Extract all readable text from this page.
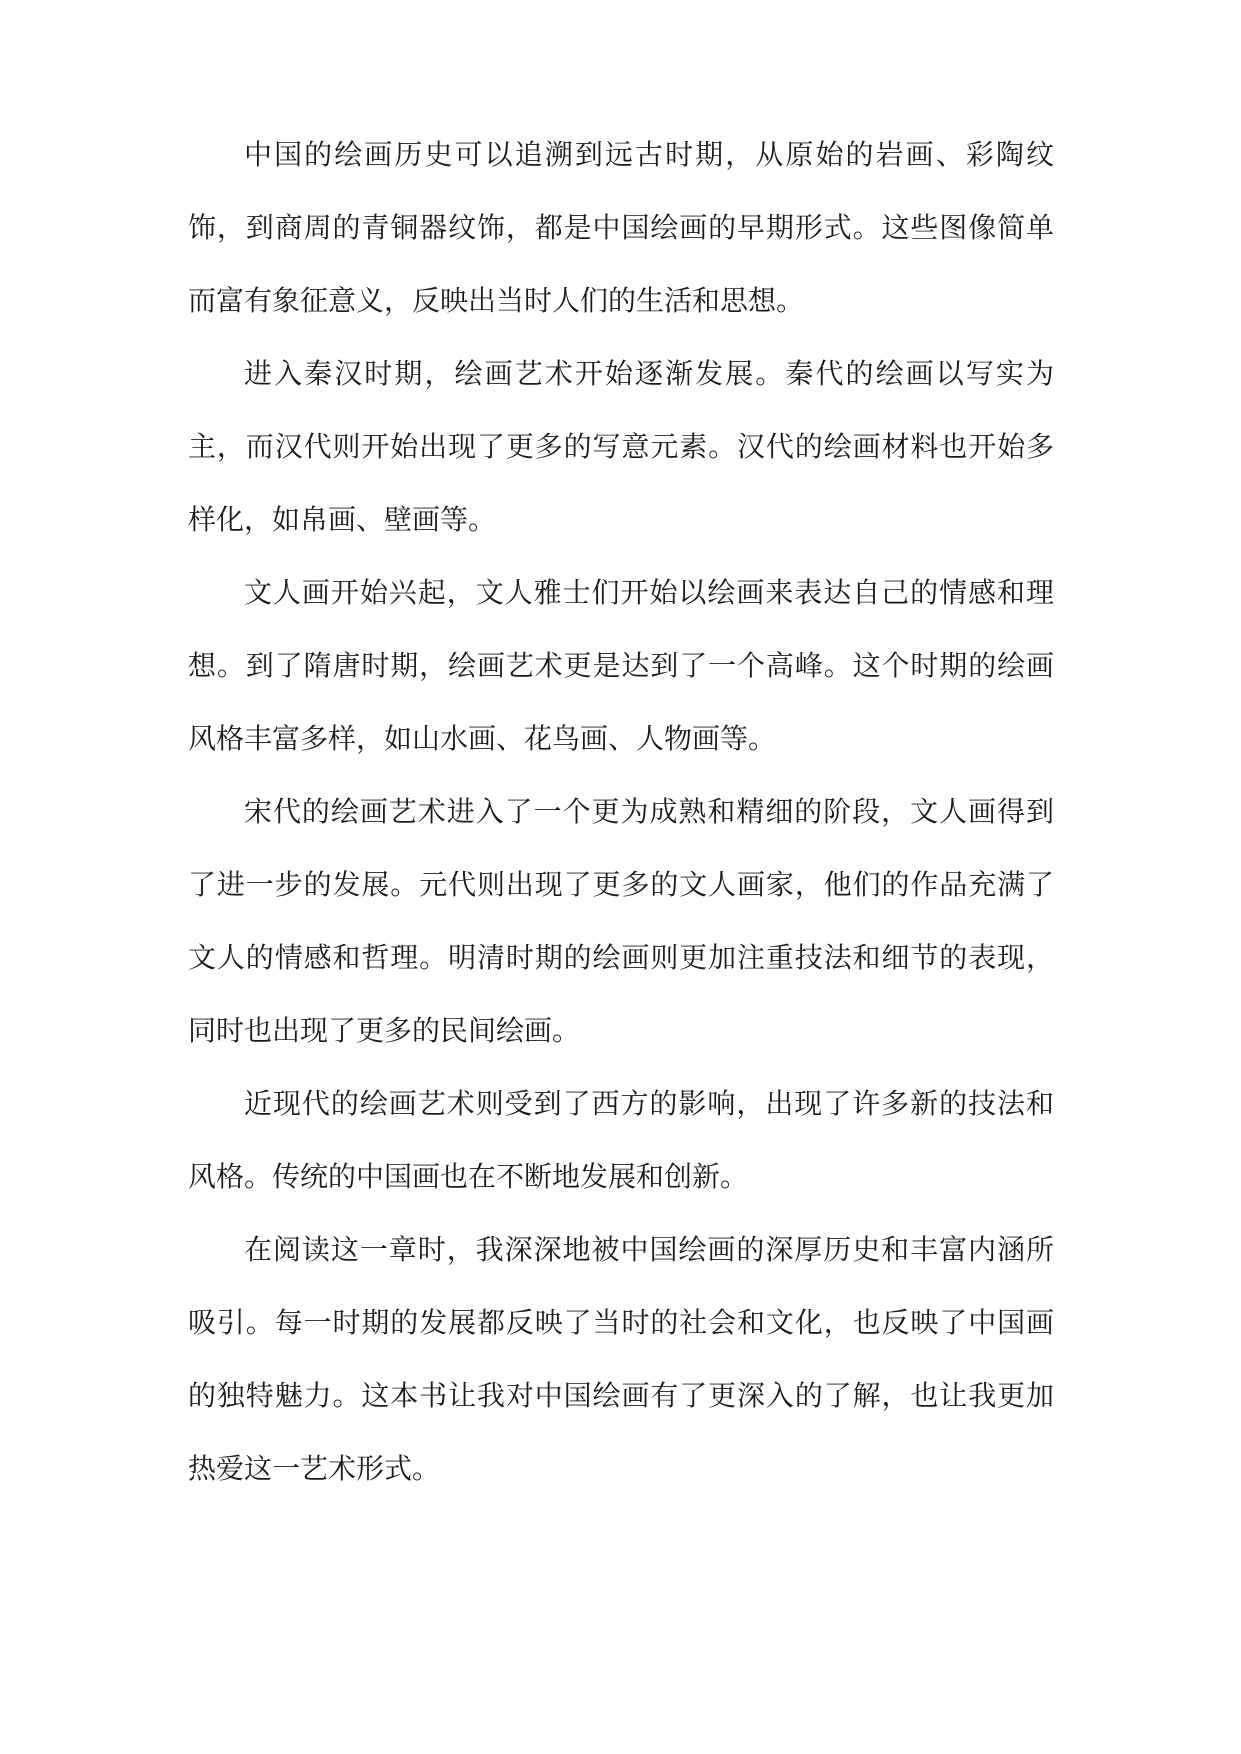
中国的绘画历史可以追溯到远古时期，从原始的岩画、彩陶纹饰，到商周的青铜器纹饰，都是中国绘画的早期形式。这些图像简单而富有象征意义，反映出当时人们的生活和思想。

进入秦汉时期，绘画艺术开始逐渐发展。秦代的绘画以写实为主，而汉代则开始出现了更多的写意元素。汉代的绘画材料也开始多样化，如帛画、壁画等。

文人画开始兴起，文人雅士们开始以绘画来表达自己的情感和理想。到了隋唐时期，绘画艺术更是达到了一个高峰。这个时期的绘画风格丰富多样，如山水画、花鸟画、人物画等。

宋代的绘画艺术进入了一个更为成熟和精细的阶段，文人画得到了进一步的发展。元代则出现了更多的文人画家，他们的作品充满了文人的情感和哲理。明清时期的绘画则更加注重技法和细节的表现，同时也出现了更多的民间绘画。

近现代的绘画艺术则受到了西方的影响，出现了许多新的技法和风格。传统的中国画也在不断地发展和创新。

在阅读这一章时，我深深地被中国绘画的深厚历史和丰富内涵所吸引。每一时期的发展都反映了当时的社会和文化，也反映了中国画的独特魅力。这本书让我对中国绘画有了更深入的了解，也让我更加热爱这一艺术形式。
